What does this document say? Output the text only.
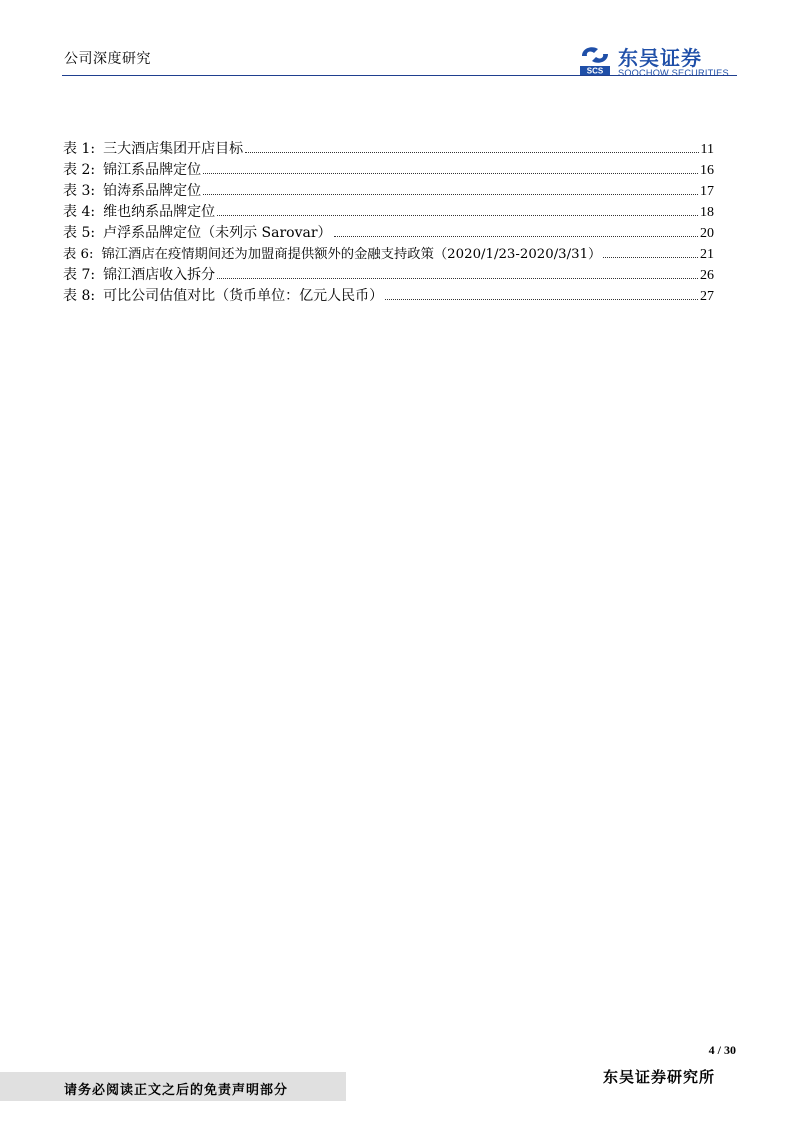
公司深度研究
SCS
东吴证券
SOOCHOW SECURITIES
表 1: 三大酒店集团开店目标	11
表 2: 锦江系品牌定位	16
表 3: 铂涛系品牌定位	17
表 4: 维也纳系品牌定位	18
表 5: 卢浮系品牌定位（未列示 Sarovar）	20
表 6: 锦江酒店在疫情期间还为加盟商提供额外的金融支持政策（2020/1/23-2020/3/31）	21
表 7: 锦江酒店收入拆分	26
表 8: 可比公司估值对比（货币单位：亿元人民币）	27
4 / 30
请务必阅读正文之后的免责声明部分
东吴证券研究所
